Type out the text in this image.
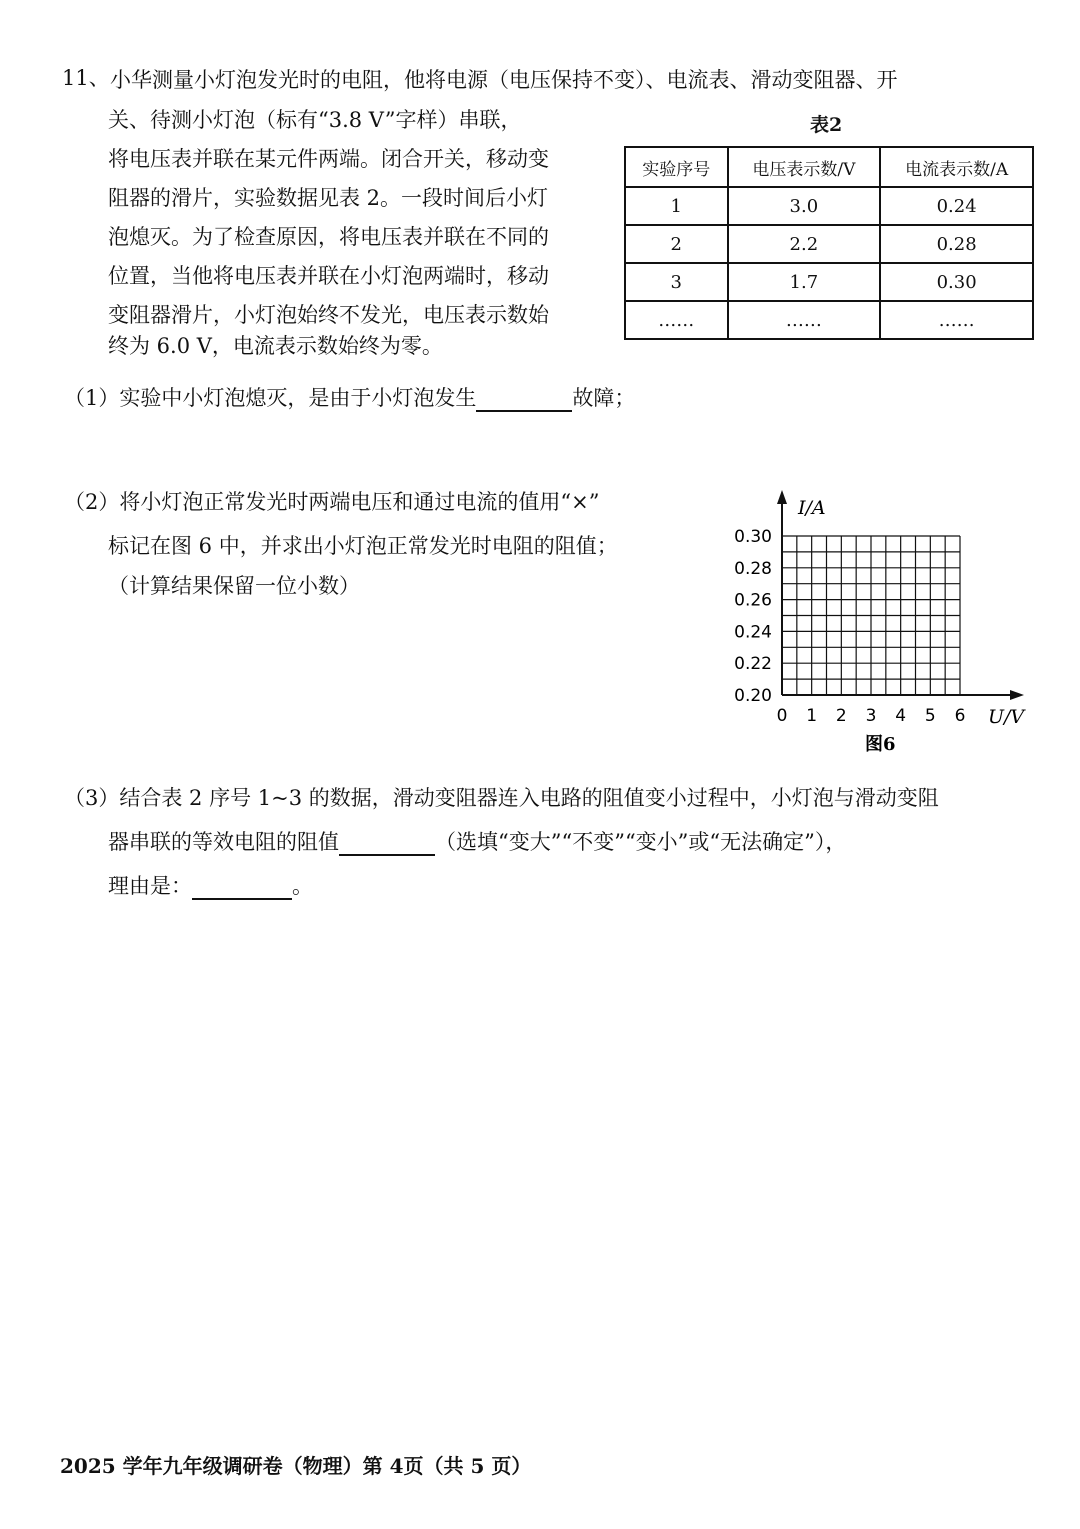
11、 小华测量小灯泡发光时的电阻，他将电源（电压保持不变）、电流表、滑动变阻器、开
关、待测小灯泡（标有“3.8 V”字样）串联，
将电压表并联在某元件两端。闭合开关，移动变
阻器的滑片，实验数据见表 2。一段时间后小灯
泡熄灭。为了检查原因，将电压表并联在不同的
位置，当他将电压表并联在小灯泡两端时，移动
变阻器滑片，小灯泡始终不发光，电压表示数始
终为 6.0 V，电流表示数始终为零。
表2
实验序号	电压表示数/V	电流表示数/A
1	3.0	0.24
2	2.2	0.28
3	1.7	0.30
……	……	……
（1）实验中小灯泡熄灭，是由于小灯泡发生	故障；
（2）将小灯泡正常发光时两端电压和通过电流的值用“×”
标记在图 6 中，并求出小灯泡正常发光时电阻的阻值；
（计算结果保留一位小数）
0 1 2 3 4 5 6
0.20
0.22
0.24
0.26
0.28
0.30
I/A
U/V
图6
（3）结合表 2 序号 1~3 的数据，滑动变阻器连入电路的阻值变小过程中，小灯泡与滑动变阻
器串联的等效电阻的阻值	（选填“变大”“不变”“变小”或“无法确定”），
理由是：	。
2025 学年九年级调研卷（物理）第 4页（共 5 页）
